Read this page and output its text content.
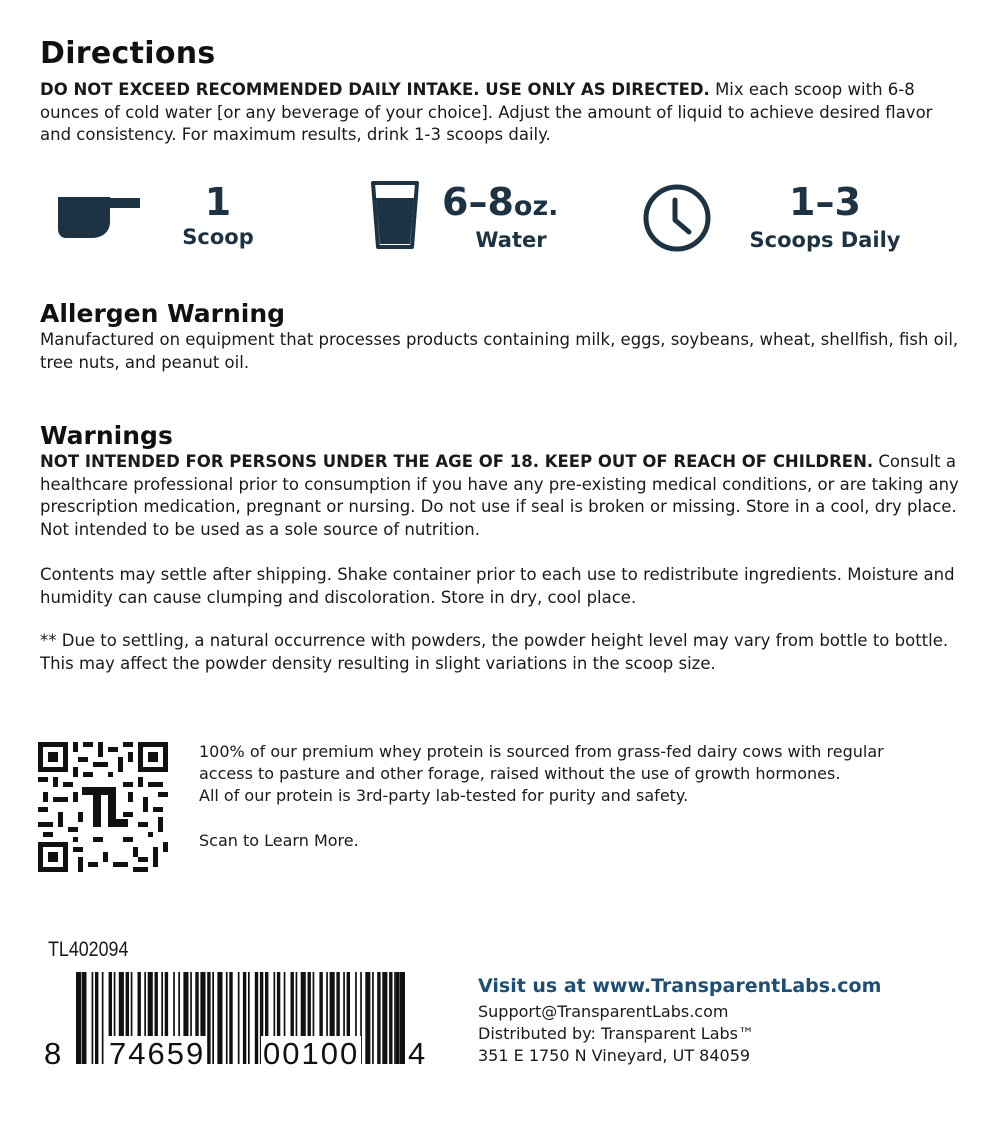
Directions
DO NOT EXCEED RECOMMENDED DAILY INTAKE. USE ONLY AS DIRECTED. Mix each scoop with 6-8 ounces of cold water [or any beverage of your choice]. Adjust the amount of liquid to achieve desired flavor and consistency. For maximum results, drink 1-3 scoops daily.
1
Scoop
6–8oz.
Water
1–3
Scoops Daily
Allergen Warning
Manufactured on equipment that processes products containing milk, eggs, soybeans, wheat, shellfish, fish oil, tree nuts, and peanut oil.
Warnings
NOT INTENDED FOR PERSONS UNDER THE AGE OF 18. KEEP OUT OF REACH OF CHILDREN. Consult a healthcare professional prior to consumption if you have any pre-existing medical conditions, or are taking any prescription medication, pregnant or nursing. Do not use if seal is broken or missing. Store in a cool, dry place. Not intended to be used as a sole source of nutrition.
Contents may settle after shipping. Shake container prior to each use to redistribute ingredients. Moisture and humidity can cause clumping and discoloration. Store in dry, cool place.
** Due to settling, a natural occurrence with powders, the powder height level may vary from bottle to bottle. This may affect the powder density resulting in slight variations in the scoop size.
100% of our premium whey protein is sourced from grass-fed dairy cows with regular
access to pasture and other forage, raised without the use of growth hormones.
All of our protein is 3rd-party lab-tested for purity and safety.
Scan to Learn More.
TL402094
8 74659 00100 4
Visit us at www.TransparentLabs.com
Support@TransparentLabs.com
Distributed by: Transparent Labs™
351 E 1750 N Vineyard, UT 84059
